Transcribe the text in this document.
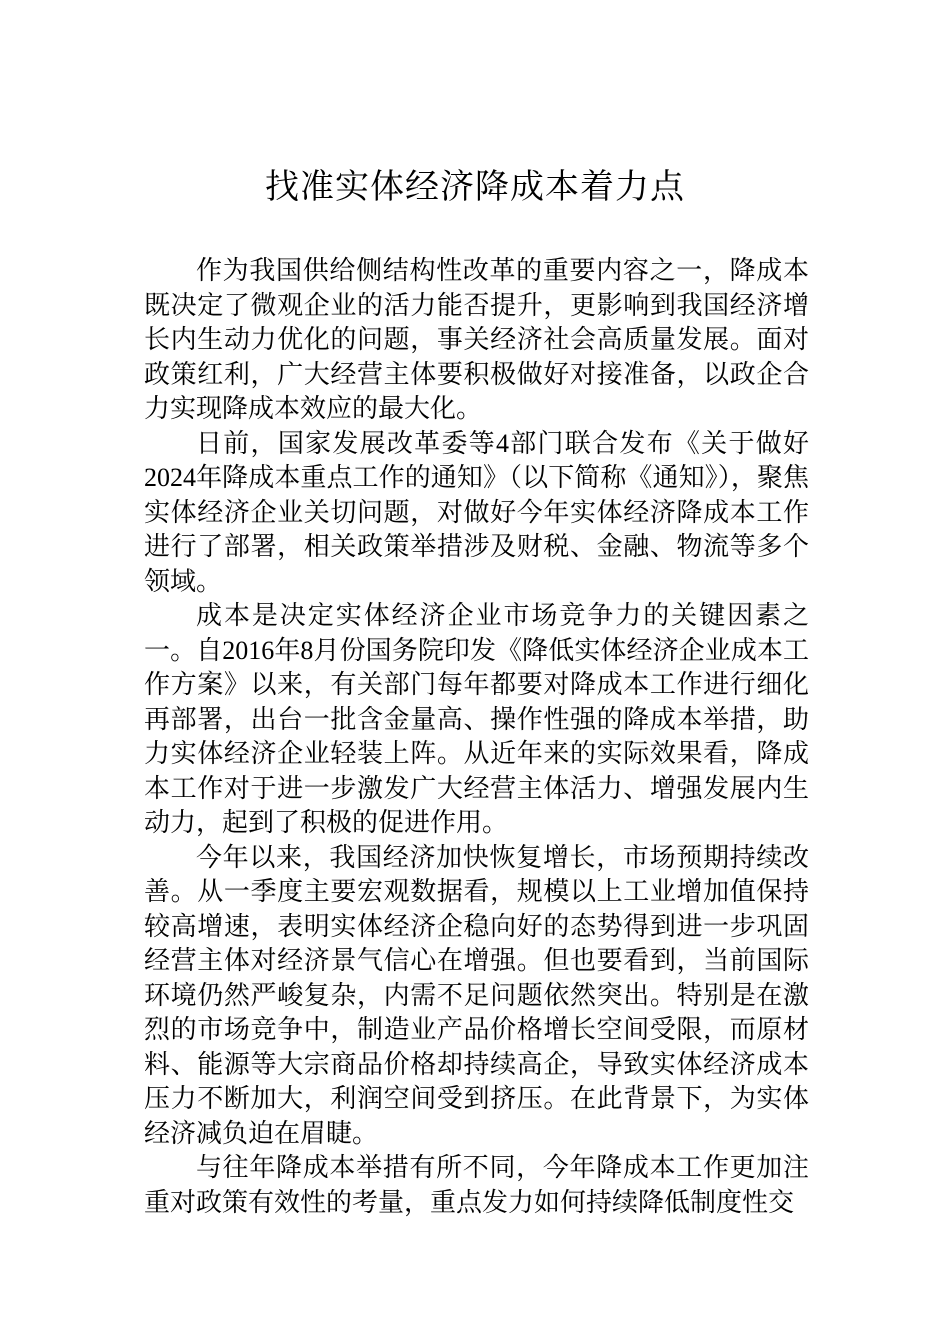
找准实体经济降成本着力点

作为我国供给侧结构性改革的重要内容之一，降成本既决定了微观企业的活力能否提升，更影响到我国经济增长内生动力优化的问题，事关经济社会高质量发展。面对政策红利，广大经营主体要积极做好对接准备，以政企合力实现降成本效应的最大化。

日前，国家发展改革委等4部门联合发布《关于做好2024年降成本重点工作的通知》（以下简称《通知》），聚焦实体经济企业关切问题，对做好今年实体经济降成本工作进行了部署，相关政策举措涉及财税、金融、物流等多个领域。

成本是决定实体经济企业市场竞争力的关键因素之一。自2016年8月份国务院印发《降低实体经济企业成本工作方案》以来，有关部门每年都要对降成本工作进行细化再部署，出台一批含金量高、操作性强的降成本举措，助力实体经济企业轻装上阵。从近年来的实际效果看，降成本工作对于进一步激发广大经营主体活力、增强发展内生动力，起到了积极的促进作用。

今年以来，我国经济加快恢复增长，市场预期持续改善。从一季度主要宏观数据看，规模以上工业增加值保持较高增速，表明实体经济企稳向好的态势得到进一步巩固经营主体对经济景气信心在增强。但也要看到，当前国际环境仍然严峻复杂，内需不足问题依然突出。特别是在激烈的市场竞争中，制造业产品价格增长空间受限，而原材料、能源等大宗商品价格却持续高企，导致实体经济成本压力不断加大，利润空间受到挤压。在此背景下，为实体经济减负迫在眉睫。

与往年降成本举措有所不同，今年降成本工作更加注重对政策有效性的考量，重点发力如何持续降低制度性交
